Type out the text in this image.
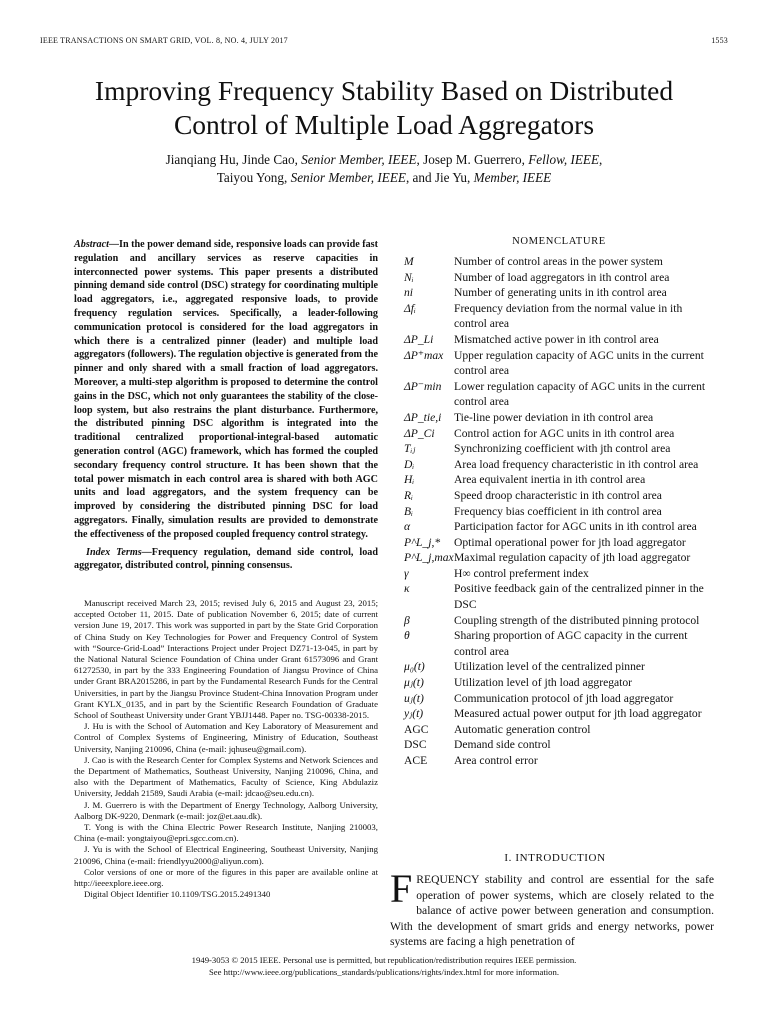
IEEE TRANSACTIONS ON SMART GRID, VOL. 8, NO. 4, JULY 2017	1553
Improving Frequency Stability Based on Distributed
Control of Multiple Load Aggregators
Jianqiang Hu, Jinde Cao, Senior Member, IEEE, Josep M. Guerrero, Fellow, IEEE,
Taiyou Yong, Senior Member, IEEE, and Jie Yu, Member, IEEE

Abstract—In the power demand side, responsive loads can provide fast regulation and ancillary services as reserve capacities in interconnected power systems. This paper presents a distributed pinning demand side control (DSC) strategy for coordinating multiple load aggregators, i.e., aggregated responsive loads, to provide frequency regulation services. Specifically, a leader-following communication protocol is considered for the load aggregators in which there is a centralized pinner (leader) and multiple load aggregators (followers). The regulation objective is generated from the pinner and only shared with a small fraction of load aggregators. Moreover, a multi-step algorithm is proposed to determine the control gains in the DSC, which not only guarantees the stability of the close-loop system, but also restrains the plant disturbance. Furthermore, the distributed pinning DSC algorithm is integrated into the traditional centralized proportional-integral-based automatic generation control (AGC) framework, which has formed the coupled secondary frequency control structure. It has been shown that the total power mismatch in each control area is shared with both AGC units and load aggregators, and the system frequency can be improved by considering the distributed pinning DSC for load aggregators. Finally, simulation results are provided to demonstrate the effectiveness of the proposed coupled frequency control strategy.

Index Terms—Frequency regulation, demand side control, load aggregator, distributed control, pinning consensus.

Manuscript received March 23, 2015; revised July 6, 2015 and August 23, 2015; accepted October 11, 2015. Date of publication November 6, 2015; date of current version June 19, 2017. This work was supported in part by the State Grid Corporation of China Study on Key Technologies for Power and Frequency Control of System with “Source-Grid-Load” Interactions Project under Project DZ71-13-045, in part by the National Natural Science Foundation of China under Grant 61573096 and Grant 61272530, in part by the 333 Engineering Foundation of Jiangsu Province of China under Grant BRA2015286, in part by the Fundamental Research Funds for the Central Universities, in part by the Jiangsu Province Student-China Innovation Program under Grant KYLX_0135, and in part by the Scientific Research Foundation of Graduate School of Southeast University under Grant YBJJ1448. Paper no. TSG-00338-2015.

J. Hu is with the School of Automation and Key Laboratory of Measurement and Control of Complex Systems of Engineering, Ministry of Education, Southeast University, Nanjing 210096, China (e-mail: jqhuseu@gmail.com).

J. Cao is with the Research Center for Complex Systems and Network Sciences and the Department of Mathematics, Southeast University, Nanjing 210096, China, and also with the Department of Mathematics, Faculty of Science, King Abdulaziz University, Jeddah 21589, Saudi Arabia (e-mail: jdcao@seu.edu.cn).

J. M. Guerrero is with the Department of Energy Technology, Aalborg University, Aalborg DK-9220, Denmark (e-mail: joz@et.aau.dk).

T. Yong is with the China Electric Power Research Institute, Nanjing 210003, China (e-mail: yongtaiyou@epri.sgcc.com.cn).

J. Yu is with the School of Electrical Engineering, Southeast University, Nanjing 210096, China (e-mail: friendlyyu2000@aliyun.com).

Color versions of one or more of the figures in this paper are available online at http://ieeexplore.ieee.org.

Digital Object Identifier 10.1109/TSG.2015.2491340

NOMENCLATURE
M	Number of control areas in the power system
Nᵢ	Number of load aggregators in ith control area
ni	Number of generating units in ith control area
Δfᵢ	Frequency deviation from the normal value in ith control area
ΔP_Li	Mismatched active power in ith control area
ΔP⁺max Upper regulation capacity of AGC units in the current control area
ΔP⁻min	Lower regulation capacity of AGC units in the current control area
ΔP_tie,i	Tie-line power deviation in ith control area
ΔP_Ci	Control action for AGC units in ith control area
Tᵢⱼ	Synchronizing coefficient with jth control area
Dᵢ	Area load frequency characteristic in ith control area
Hᵢ	Area equivalent inertia in ith control area
Rᵢ	Speed droop characteristic in ith control area
Bᵢ	Frequency bias coefficient in ith control area
α	Participation factor for AGC units in ith control area
P^L_j,*	Optimal operational power for jth load aggregator
P^L_j,max Maximal regulation capacity of jth load aggregator
γ	H∞ control preferment index
κ	Positive feedback gain of the centralized pinner in the DSC
β	Coupling strength of the distributed pinning protocol
θ	Sharing proportion of AGC capacity in the current control area
μ₀(t)	Utilization level of the centralized pinner
μⱼ(t)	Utilization level of jth load aggregator
uⱼ(t)	Communication protocol of jth load aggregator
yⱼ(t)	Measured actual power output for jth load aggregator
AGC	Automatic generation control
DSC	Demand side control
ACE	Area control error
I. INTRODUCTION
FREQUENCY stability and control are essential for the safe operation of power systems, which are closely related to the balance of active power between generation and consumption. With the development of smart grids and energy networks, power systems are facing a high penetration of
1949-3053 © 2015 IEEE. Personal use is permitted, but republication/redistribution requires IEEE permission.
See http://www.ieee.org/publications_standards/publications/rights/index.html for more information.
